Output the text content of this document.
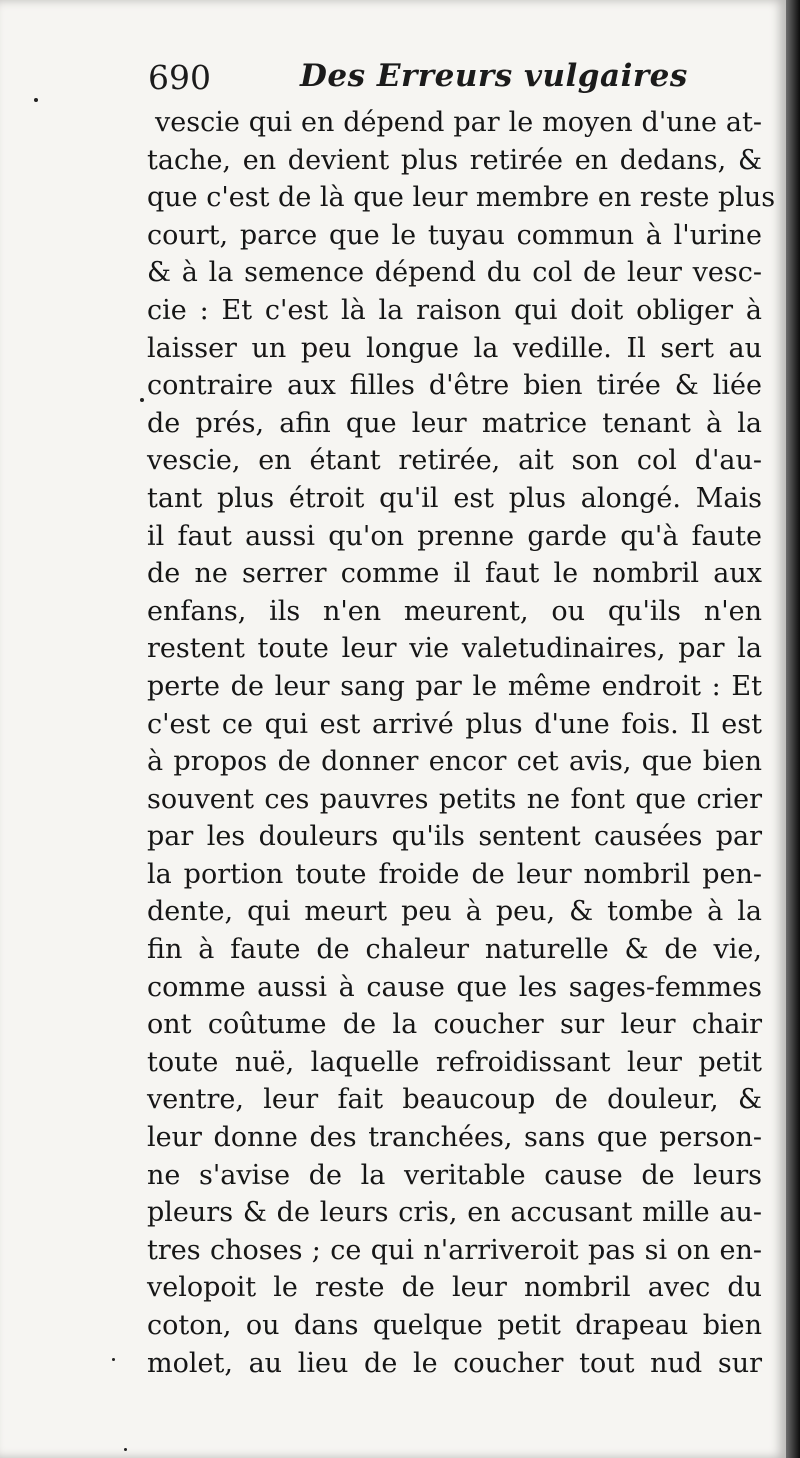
690	Des Erreurs vulgaires
vescie qui en dépend par le moyen d'une at-
tache, en devient plus retirée en dedans, &
que c'est de là que leur membre en reste plus
court, parce que le tuyau commun à l'urine
& à la semence dépend du col de leur vesc-
cie : Et c'est là la raison qui doit obliger à
laisser un peu longue la vedille. Il sert au
contraire aux filles d'être bien tirée & liée
de prés, afin que leur matrice tenant à la
vescie, en étant retirée, ait son col d'au-
tant plus étroit qu'il est plus alongé. Mais
il faut aussi qu'on prenne garde qu'à faute
de ne serrer comme il faut le nombril aux
enfans, ils n'en meurent, ou qu'ils n'en
restent toute leur vie valetudinaires, par la
perte de leur sang par le même endroit : Et
c'est ce qui est arrivé plus d'une fois. Il est
à propos de donner encor cet avis, que bien
souvent ces pauvres petits ne font que crier
par les douleurs qu'ils sentent causées par
la portion toute froide de leur nombril pen-
dente, qui meurt peu à peu, & tombe à la
fin à faute de chaleur naturelle & de vie,
comme aussi à cause que les sages-femmes
ont coûtume de la coucher sur leur chair
toute nuë, laquelle refroidissant leur petit
ventre, leur fait beaucoup de douleur, &
leur donne des tranchées, sans que person-
ne s'avise de la veritable cause de leurs
pleurs & de leurs cris, en accusant mille au-
tres choses ; ce qui n'arriveroit pas si on en-
velopoit le reste de leur nombril avec du
coton, ou dans quelque petit drapeau bien
molet, au lieu de le coucher tout nud sur
